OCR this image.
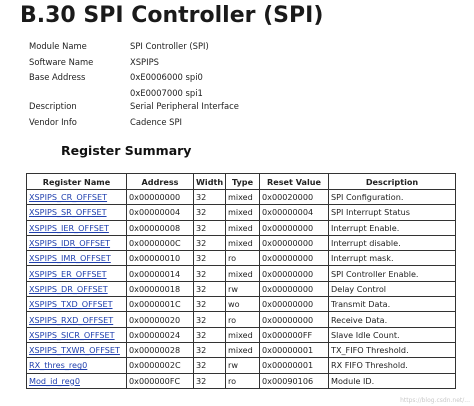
B.30 SPI Controller (SPI)
Module Name	SPI Controller (SPI)
Software Name	XSPIPS
Base Address	0xE0006000 spi0
0xE0007000 spi1
Description	Serial Peripheral Interface
Vendor Info	Cadence SPI
Register Summary
Register Name	Address	Width	Type	Reset Value	Description
XSPIPS_CR_OFFSET	0x00000000	32	mixed	0x00020000	SPI Configuration.
XSPIPS_SR_OFFSET	0x00000004	32	mixed	0x00000004	SPI Interrupt Status
XSPIPS_IER_OFFSET	0x00000008	32	mixed	0x00000000	Interrupt Enable.
XSPIPS_IDR_OFFSET	0x0000000C	32	mixed	0x00000000	Interrupt disable.
XSPIPS_IMR_OFFSET	0x00000010	32	ro	0x00000000	Interrupt mask.
XSPIPS_ER_OFFSET	0x00000014	32	mixed	0x00000000	SPI Controller Enable.
XSPIPS_DR_OFFSET	0x00000018	32	rw	0x00000000	Delay Control
XSPIPS_TXD_OFFSET	0x0000001C	32	wo	0x00000000	Transmit Data.
XSPIPS_RXD_OFFSET	0x00000020	32	ro	0x00000000	Receive Data.
XSPIPS_SICR_OFFSET	0x00000024	32	mixed	0x000000FF	Slave Idle Count.
XSPIPS_TXWR_OFFSET	0x00000028	32	mixed	0x00000001	TX_FIFO Threshold.
RX_thres_reg0	0x0000002C	32	rw	0x00000001	RX FIFO Threshold.
Mod_id_reg0	0x000000FC	32	ro	0x00090106	Module ID.
https://blog.csdn.net/...
